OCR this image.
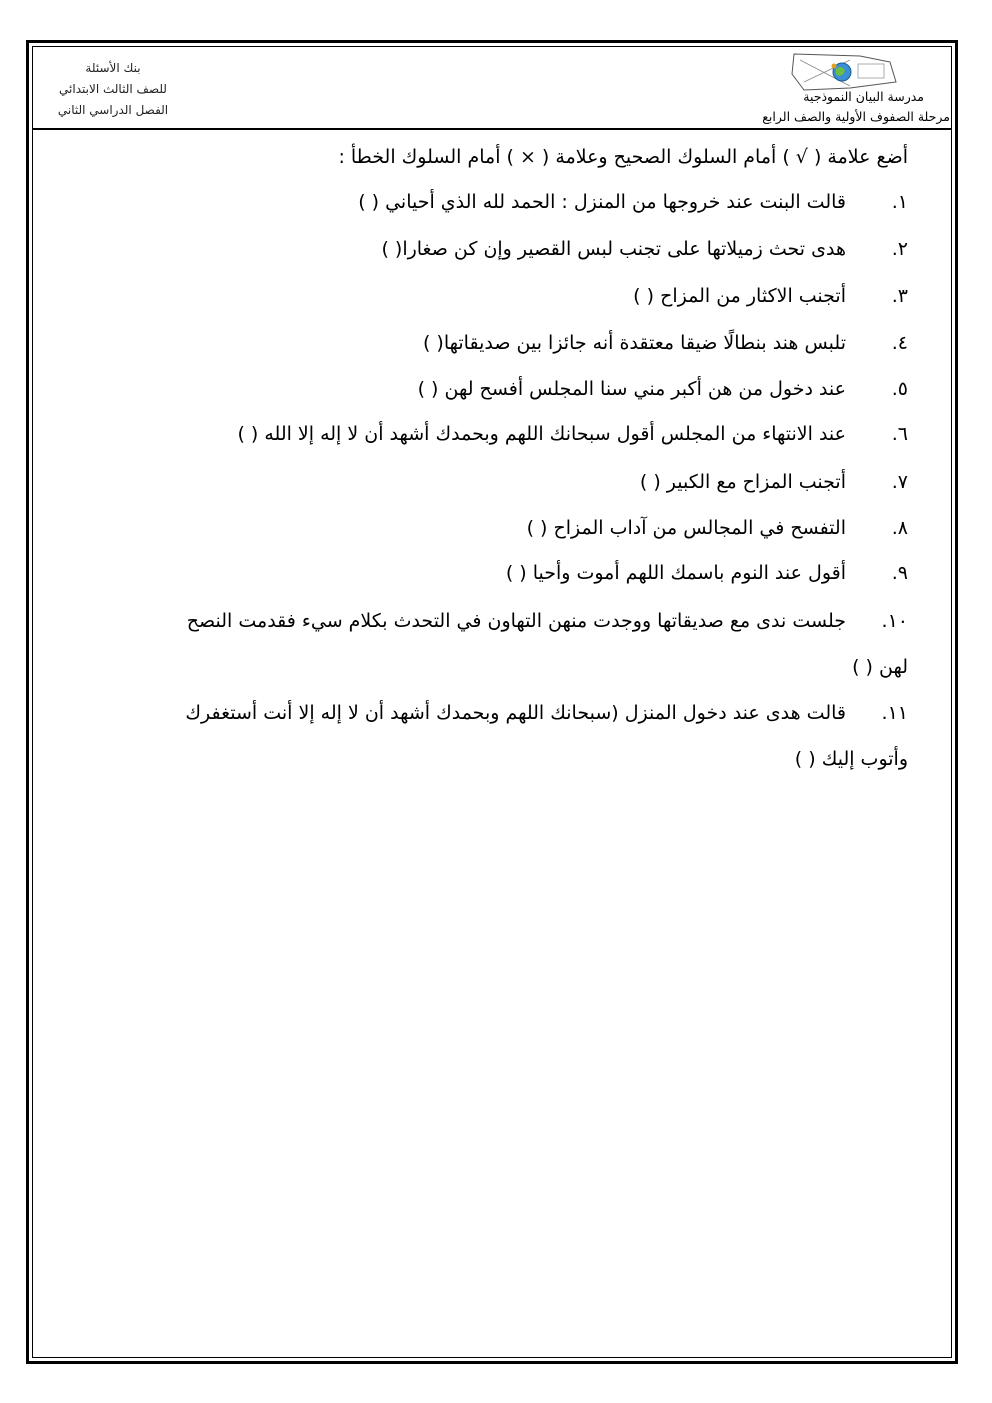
بنك الأسئلة
للصف الثالث الابتدائي
الفصل الدراسي الثاني
مدرسة البيان النموذجية
مرحلة الصفوف الأولية والصف الرابع
أضع علامة ( √ ) أمام السلوك الصحيح وعلامة ( × ) أمام السلوك الخطأ :
١.
قالت البنت عند خروجها من المنزل : الحمد لله الذي أحياني ( )
٢.
هدى تحث زميلاتها على تجنب لبس القصير وإن كن صغارا( )
٣.
أتجنب الاكثار من المزاح ( )
٤.
تلبس هند بنطالًا ضيقا معتقدة أنه جائزا بين صديقاتها( )
٥.
عند دخول من هن أكبر مني سنا المجلس أفسح لهن ( )
٦.
عند الانتهاء من المجلس أقول سبحانك اللهم وبحمدك أشهد أن لا إله إلا الله ( )
٧.
أتجنب المزاح مع الكبير ( )
٨.
التفسح في المجالس من آداب المزاح ( )
٩.
أقول عند النوم باسمك اللهم أموت وأحيا ( )
١٠.
جلست ندى مع صديقاتها ووجدت منهن التهاون في التحدث بكلام سيء فقدمت النصح
١١.
قالت هدى عند دخول المنزل (سبحانك اللهم وبحمدك أشهد أن لا إله إلا أنت أستغفرك
لهن ( )
وأتوب إليك ( )
